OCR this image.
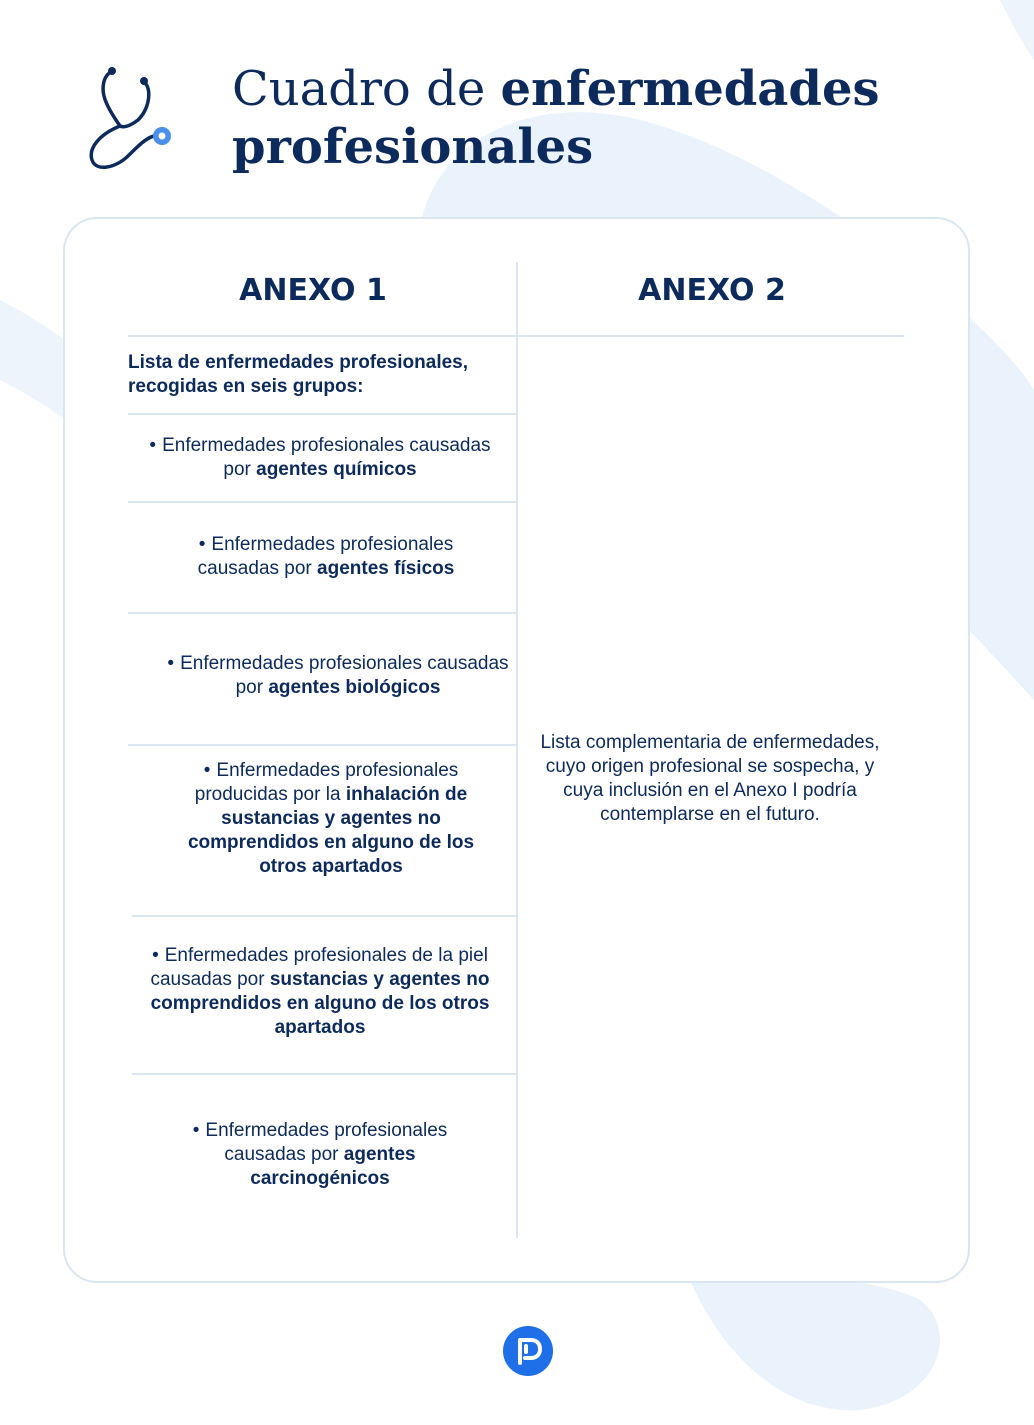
Cuadro de enfermedades
profesionales
ANEXO 1	ANEXO 2
Lista de enfermedades profesionales, recogidas en seis grupos:
• Enfermedades profesionales causadas por agentes químicos
• Enfermedades profesionales causadas por agentes físicos
• Enfermedades profesionales causadas por agentes biológicos
• Enfermedades profesionales producidas por la inhalación de sustancias y agentes no comprendidos en alguno de los otros apartados
• Enfermedades profesionales de la piel causadas por sustancias y agentes no comprendidos en alguno de los otros apartados
• Enfermedades profesionales causadas por agentes carcinogénicos
Lista complementaria de enfermedades, cuyo origen profesional se sospecha, y cuya inclusión en el Anexo I podría contemplarse en el futuro.
